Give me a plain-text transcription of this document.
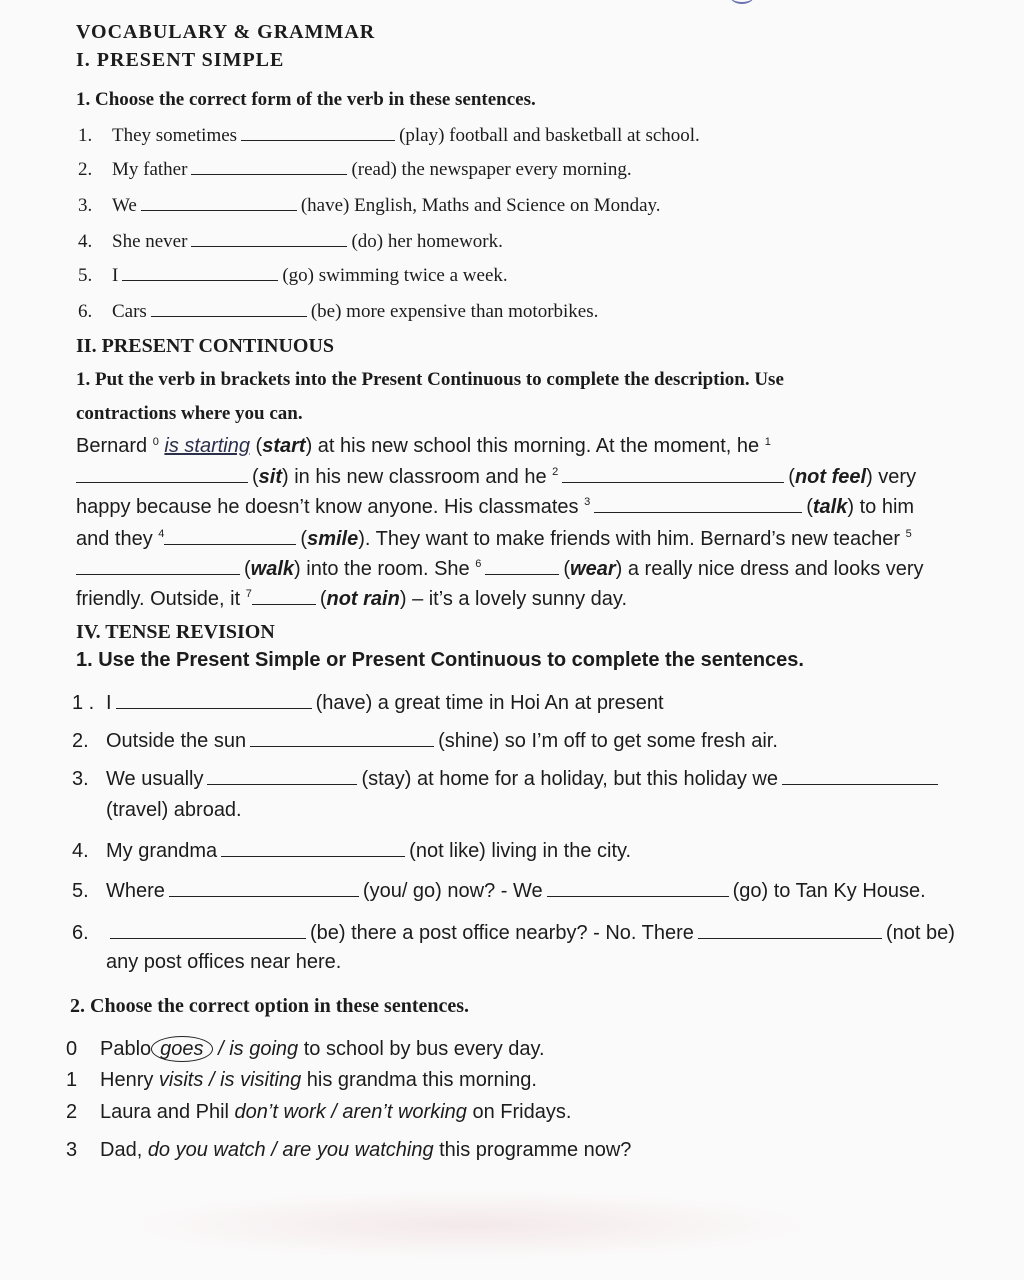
VOCABULARY & GRAMMAR
I. PRESENT SIMPLE
1. Choose the correct form of the verb in these sentences.
1. They sometimes	(play) football and basketball at school.
2. My father	(read) the newspaper every morning.
3. We	(have) English, Maths and Science on Monday.
4. She never	(do) her homework.
5. I	(go) swimming twice a week.
6. Cars	(be) more expensive than motorbikes.
II. PRESENT CONTINUOUS
1. Put the verb in brackets into the Present Continuous to complete the description. Use
contractions where you can.
Bernard $^0$ is starting (start) at his new school this morning. At the moment, he $^1$
(sit) in his new classroom and he $^2$	(not feel) very
happy because he doesn’t know anyone. His classmates $^3$	(talk) to him
and they $^4$	(smile). They want to make friends with him. Bernard’s new teacher $^5$
(walk) into the room. She $^6$	(wear) a really nice dress and looks very
friendly. Outside, it $^7$	(not rain) – it’s a lovely sunny day.
IV. TENSE REVISION
1. Use the Present Simple or Present Continuous to complete the sentences.
1 . I	(have) a great time in Hoi An at present
2. Outside the sun	(shine) so I’m off to get some fresh air.
3. We usually	(stay) at home for a holiday, but this holiday we
(travel) abroad.
4. My grandma	(not like) living in the city.
5. Where	(you/ go) now? - We	(go) to Tan Ky House.
6.	(be) there a post office nearby? - No. There	(not be)
any post offices near here.
2. Choose the correct option in these sentences.
0 Pablo goes / is going to school by bus every day.
1 Henry visits / is visiting his grandma this morning.
2 Laura and Phil don’t work / aren’t working on Fridays.
3 Dad, do you watch / are you watching this programme now?
